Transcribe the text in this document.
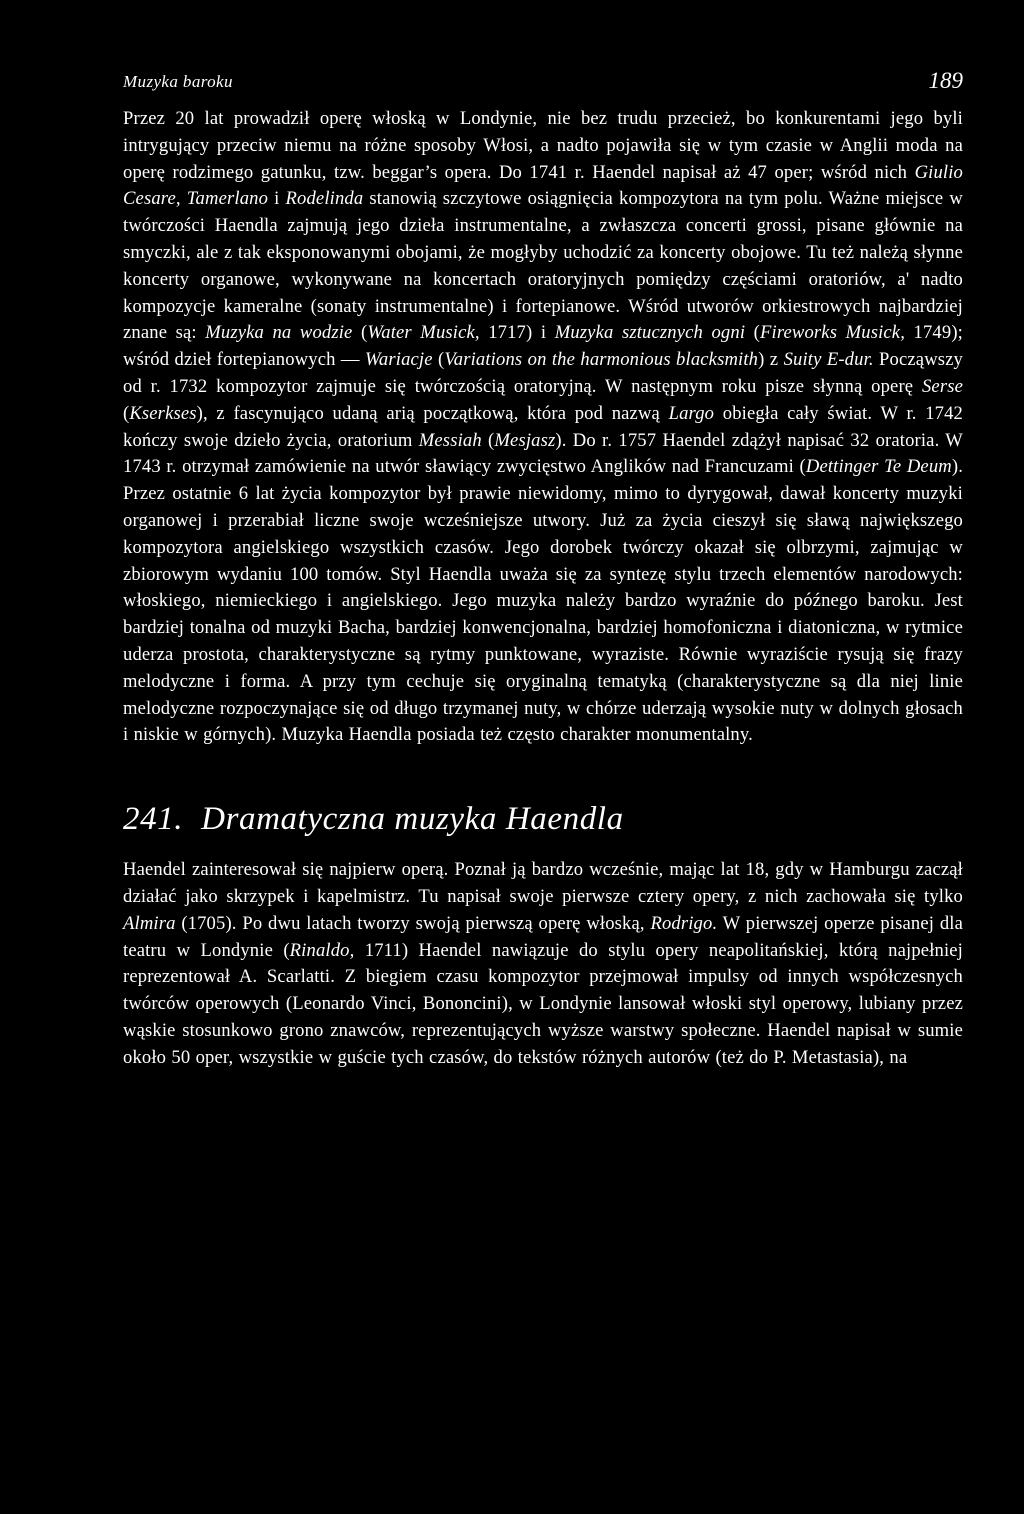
Muzyka baroku	189

Przez 20 lat prowadził operę włoską w Londynie, nie bez trudu przecież, bo konkurentami jego byli intrygujący przeciw niemu na różne sposoby Włosi, a nadto pojawiła się w tym czasie w Anglii moda na operę rodzimego gatunku, tzw. beggar’s opera. Do 1741 r. Haendel napisał aż 47 oper; wśród nich Giulio Cesare, Tamerlano i Rodelinda stanowią szczytowe osiągnięcia kompozytora na tym polu. Ważne miejsce w twórczości Haendla zajmują jego dzieła instrumentalne, a zwłaszcza concerti grossi, pisane głównie na smyczki, ale z tak eksponowanymi obojami, że mogłyby uchodzić za koncerty obojowe. Tu też należą słynne koncerty organowe, wykonywane na koncertach oratoryjnych pomiędzy częściami oratoriów, a' nadto kompozycje kameralne (sonaty instrumentalne) i fortepianowe. Wśród utworów orkiestrowych najbardziej znane są: Muzyka na wodzie (Water Musick, 1717) i Muzyka sztucznych ogni (Fireworks Musick, 1749); wśród dzieł fortepianowych — Wariacje (Variations on the harmonious blacksmith) z Suity E-dur. Począwszy od r. 1732 kompozytor zajmuje się twórczością oratoryjną. W następnym roku pisze słynną operę Serse (Kserkses), z fascynująco udaną arią początkową, która pod nazwą Largo obiegła cały świat. W r. 1742 kończy swoje dzieło życia, oratorium Messiah (Mesjasz). Do r. 1757 Haendel zdążył napisać 32 oratoria. W 1743 r. otrzymał zamówienie na utwór sławiący zwycięstwo Anglików nad Francuzami (Dettinger Te Deum). Przez ostatnie 6 lat życia kompozytor był prawie niewidomy, mimo to dyrygował, dawał koncerty muzyki organowej i przerabiał liczne swoje wcześniejsze utwory. Już za życia cieszył się sławą największego kompozytora angielskiego wszystkich czasów. Jego dorobek twórczy okazał się olbrzymi, zajmując w zbiorowym wydaniu 100 tomów. Styl Haendla uważa się za syntezę stylu trzech elementów narodowych: włoskiego, niemieckiego i angielskiego. Jego muzyka należy bardzo wyraźnie do późnego baroku. Jest bardziej tonalna od muzyki Bacha, bardziej konwencjonalna, bardziej homofoniczna i diatoniczna, w rytmice uderza prostota, charakterystyczne są rytmy punktowane, wyraziste. Równie wyraziście rysują się frazy melodyczne i forma. A przy tym cechuje się oryginalną tematyką (charakterystyczne są dla niej linie melodyczne rozpoczynające się od długo trzymanej nuty, w chórze uderzają wysokie nuty w dolnych głosach i niskie w górnych). Muzyka Haendla posiada też często charakter monumentalny.

241. Dramatyczna muzyka Haendla

Haendel zainteresował się najpierw operą. Poznał ją bardzo wcześnie, mając lat 18, gdy w Hamburgu zaczął działać jako skrzypek i kapelmistrz. Tu napisał swoje pierwsze cztery opery, z nich zachowała się tylko Almira (1705). Po dwu latach tworzy swoją pierwszą operę włoską, Rodrigo. W pierwszej operze pisanej dla teatru w Londynie (Rinaldo, 1711) Haendel nawiązuje do stylu opery neapolitańskiej, którą najpełniej reprezentował A. Scarlatti. Z biegiem czasu kompozytor przejmował impulsy od innych współczesnych twórców operowych (Leonardo Vinci, Bononcini), w Londynie lansował włoski styl operowy, lubiany przez wąskie stosunkowo grono znawców, reprezentujących wyższe warstwy społeczne. Haendel napisał w sumie około 50 oper, wszystkie w guście tych czasów, do tekstów różnych autorów (też do P. Metastasia), na
